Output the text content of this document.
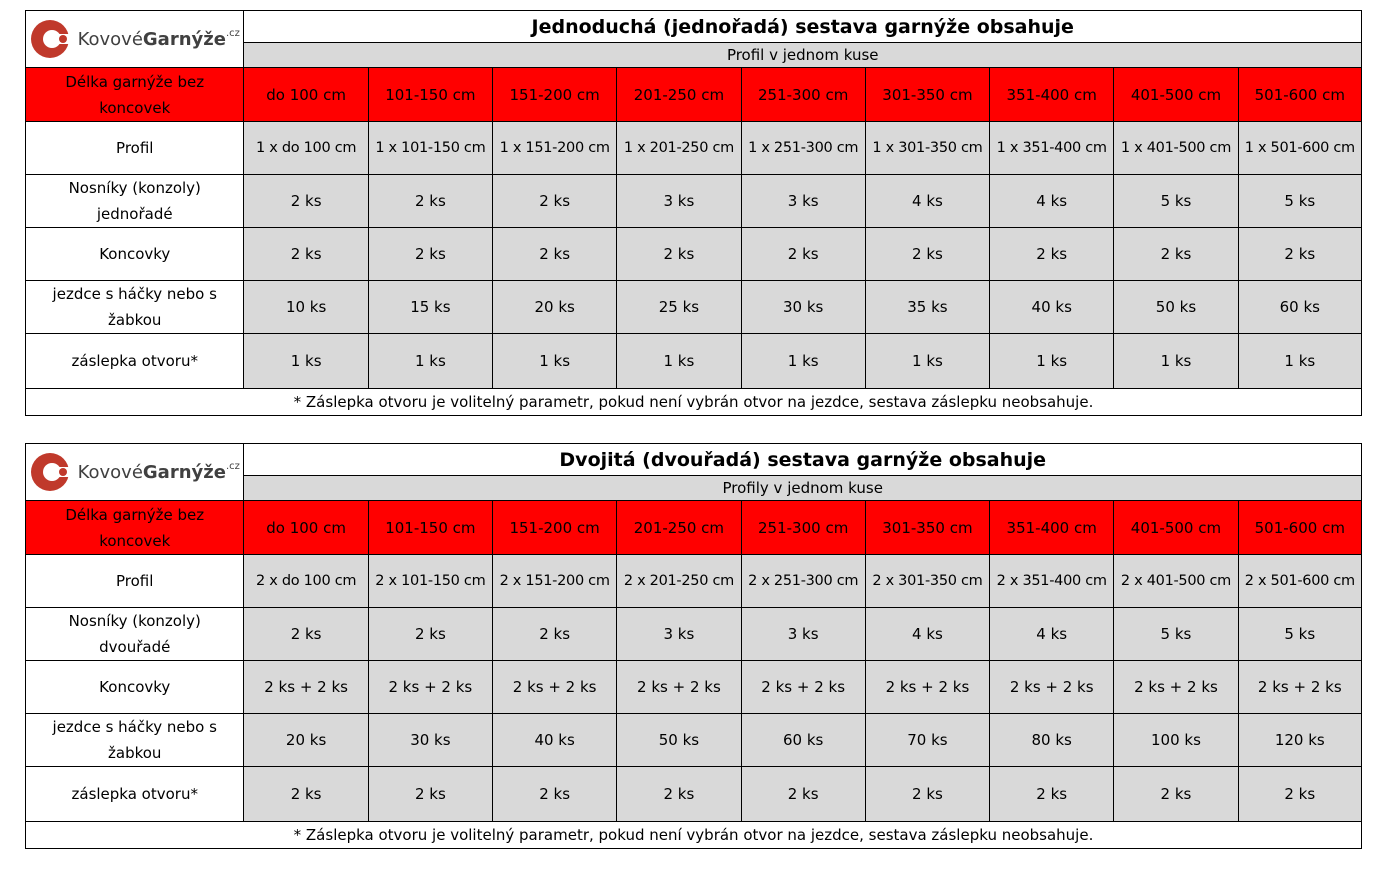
KovovéGarnýže$^{.cz}$	Jednoduchá (jednořadá) sestava garnýže obsahuje								
	Profil v jednom kuse								
Délka garnýže bez koncovek	do 100 cm	101-150 cm	151-200 cm	201-250 cm	251-300 cm	301-350 cm	351-400 cm	401-500 cm	501-600 cm
Profil	1 x do 100 cm	1 x 101-150 cm	1 x 151-200 cm	1 x 201-250 cm	1 x 251-300 cm	1 x 301-350 cm	1 x 351-400 cm	1 x 401-500 cm	1 x 501-600 cm
Nosníky (konzoly) jednořadé	2 ks	2 ks	2 ks	3 ks	3 ks	4 ks	4 ks	5 ks	5 ks
Koncovky	2 ks	2 ks	2 ks	2 ks	2 ks	2 ks	2 ks	2 ks	2 ks
jezdce s háčky nebo s žabkou	10 ks	15 ks	20 ks	25 ks	30 ks	35 ks	40 ks	50 ks	60 ks
záslepka otvoru*	1 ks	1 ks	1 ks	1 ks	1 ks	1 ks	1 ks	1 ks	1 ks
* Záslepka otvoru je volitelný parametr, pokud není vybrán otvor na jezdce, sestava záslepku neobsahuje.									
KovovéGarnýže$^{.cz}$	Dvojitá (dvouřadá) sestava garnýže obsahuje								
	Profily v jednom kuse								
Délka garnýže bez koncovek	do 100 cm	101-150 cm	151-200 cm	201-250 cm	251-300 cm	301-350 cm	351-400 cm	401-500 cm	501-600 cm
Profil	2 x do 100 cm	2 x 101-150 cm	2 x 151-200 cm	2 x 201-250 cm	2 x 251-300 cm	2 x 301-350 cm	2 x 351-400 cm	2 x 401-500 cm	2 x 501-600 cm
Nosníky (konzoly) dvouřadé	2 ks	2 ks	2 ks	3 ks	3 ks	4 ks	4 ks	5 ks	5 ks
Koncovky	2 ks + 2 ks	2 ks + 2 ks	2 ks + 2 ks	2 ks + 2 ks	2 ks + 2 ks	2 ks + 2 ks	2 ks + 2 ks	2 ks + 2 ks	2 ks + 2 ks
jezdce s háčky nebo s žabkou	20 ks	30 ks	40 ks	50 ks	60 ks	70 ks	80 ks	100 ks	120 ks
záslepka otvoru*	2 ks	2 ks	2 ks	2 ks	2 ks	2 ks	2 ks	2 ks	2 ks
* Záslepka otvoru je volitelný parametr, pokud není vybrán otvor na jezdce, sestava záslepku neobsahuje.									
